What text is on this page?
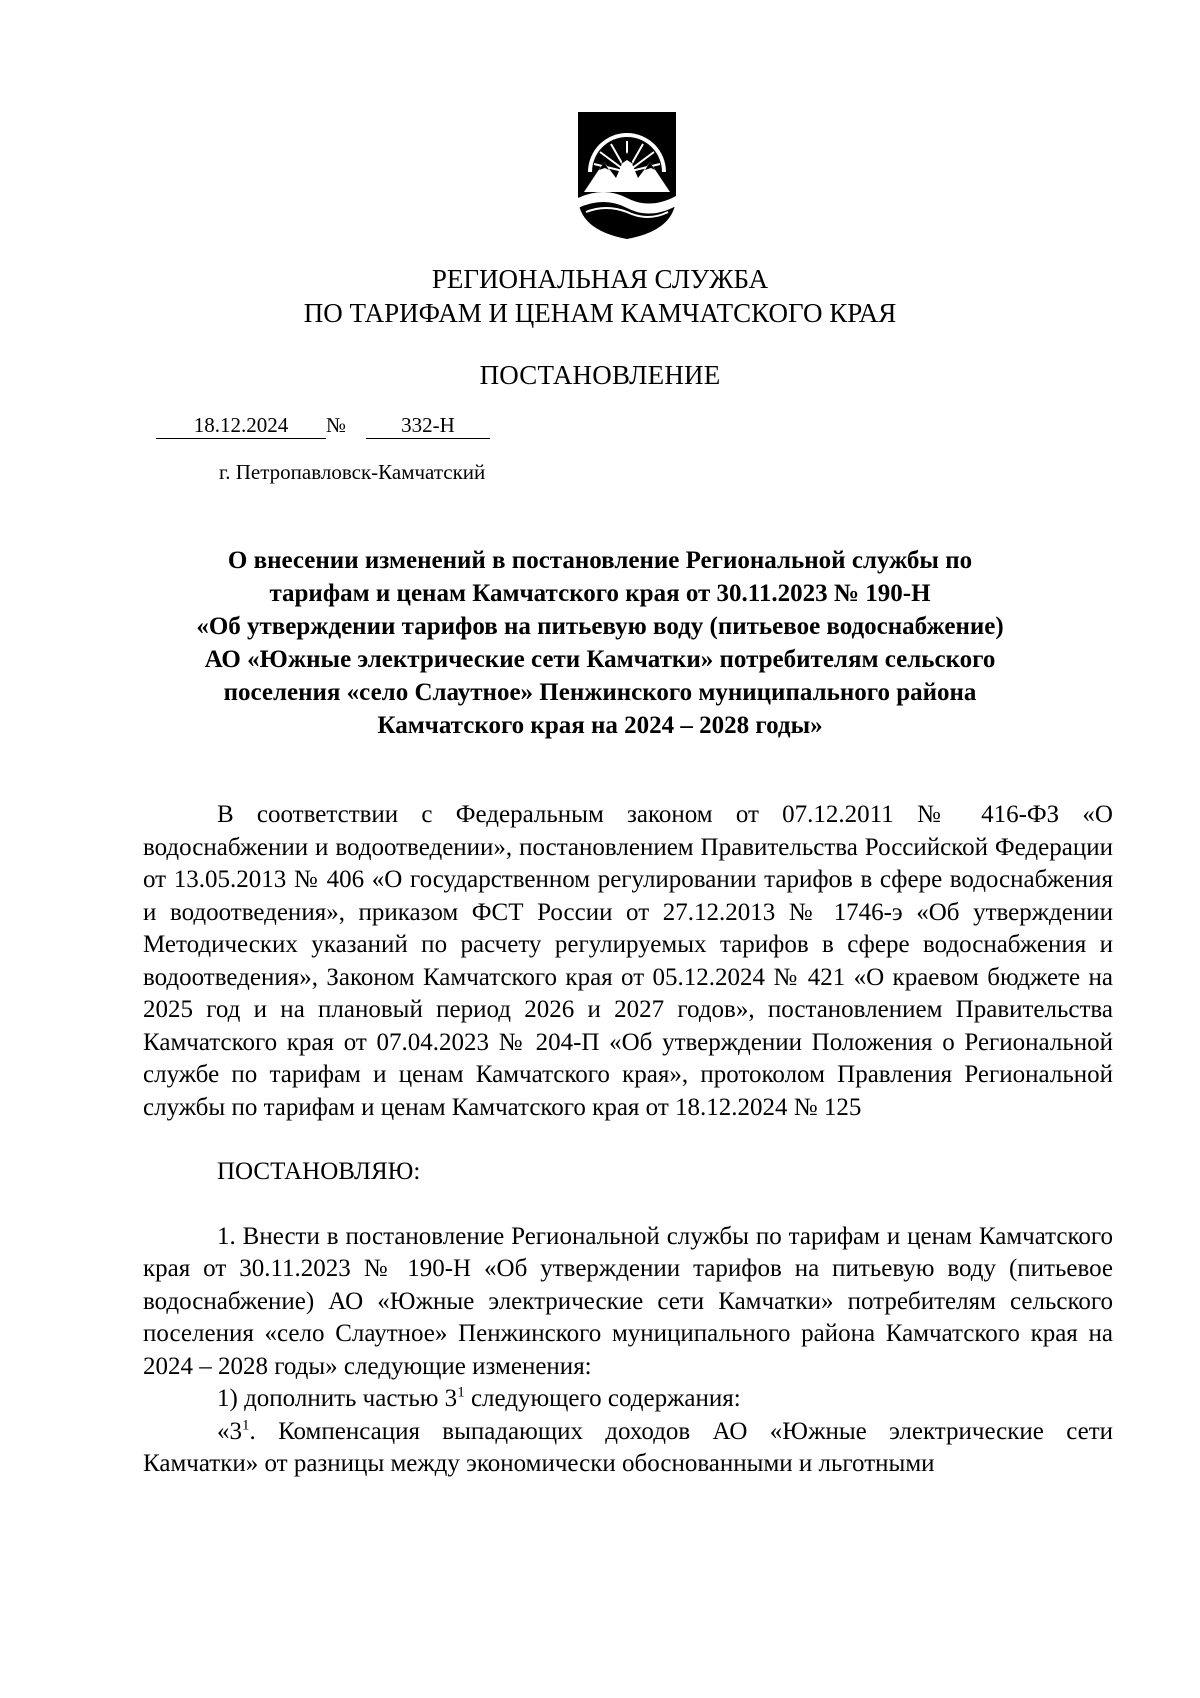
РЕГИОНАЛЬНАЯ СЛУЖБА
ПО ТАРИФАМ И ЦЕНАМ КАМЧАТСКОГО КРАЯ
ПОСТАНОВЛЕНИЕ
18.12.2024 №	332-Н
г. Петропавловск-Камчатский
О внесении изменений в постановление Региональной службы по
тарифам и ценам Камчатского края от 30.11.2023 № 190-Н
«Об утверждении тарифов на питьевую воду (питьевое водоснабжение)
АО «Южные электрические сети Камчатки» потребителям сельского
поселения «село Слаутное» Пенжинского муниципального района
Камчатского края на 2024 – 2028 годы»

В соответствии с Федеральным законом от 07.12.2011 № 416-ФЗ «О водоснабжении и водоотведении», постановлением Правительства Российской Федерации от 13.05.2013 № 406 «О государственном регулировании тарифов в сфере водоснабжения и водоотведения», приказом ФСТ России от 27.12.2013 № 1746-э «Об утверждении Методических указаний по расчету регулируемых тарифов в сфере водоснабжения и водоотведения», Законом Камчатского края от 05.12.2024 № 421 «О краевом бюджете на 2025 год и на плановый период 2026 и 2027 годов», постановлением Правительства Камчатского края от 07.04.2023 № 204-П «Об утверждении Положения о Региональной службе по тарифам и ценам Камчатского края», протоколом Правления Региональной службы по тарифам и ценам Камчатского края от 18.12.2024 № 125

ПОСТАНОВЛЯЮ:

1. Внести в постановление Региональной службы по тарифам и ценам Камчатского края от 30.11.2023 № 190-Н «Об утверждении тарифов на питьевую воду (питьевое водоснабжение) АО «Южные электрические сети Камчатки» потребителям сельского поселения «село Слаутное» Пенжинского муниципального района Камчатского края на 2024 – 2028 годы» следующие изменения:

1) дополнить частью $3^1$ следующего содержания:

«$3^1$. Компенсация выпадающих доходов АО «Южные электрические сети Камчатки» от разницы между экономически обоснованными и льготными
